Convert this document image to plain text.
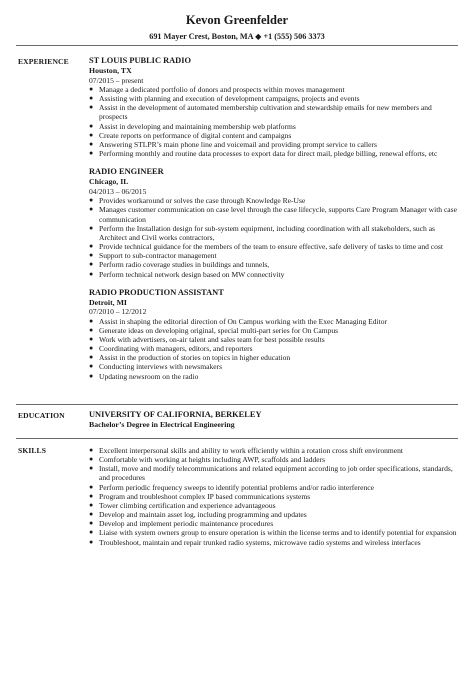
Kevon Greenfelder
691 Mayer Crest, Boston, MA ◆ +1 (555) 506 3373
EXPERIENCE ST LOUIS PUBLIC RADIO
Houston, TX
07/2015 – present
● Manage a dedicated portfolio of donors and prospects within moves management
● Assisting with planning and execution of development campaigns, projects and events
● Assist in the development of automated membership cultivation and stewardship emails for new members and prospects
● Assist in developing and maintaining membership web platforms
● Create reports on performance of digital content and campaigns
● Answering STLPR’s main phone line and voicemail and providing prompt service to callers
● Performing monthly and routine data processes to export data for direct mail, pledge billing, renewal efforts, etc
RADIO ENGINEER
Chicago, IL
04/2013 – 06/2015
● Provides workaround or solves the case through Knowledge Re-Use
● Manages customer communication on case level through the case lifecycle, supports Care Program Manager with case communication
● Perform the Installation design for sub-system equipment, including coordination with all stakeholders, such as Architect and Civil works contractors,
● Provide technical guidance for the members of the team to ensure effective, safe delivery of tasks to time and cost
● Support to sub-contractor management
● Perform radio coverage studies in buildings and tunnels,
● Perform technical network design based on MW connectivity
RADIO PRODUCTION ASSISTANT
Detroit, MI
07/2010 – 12/2012
● Assist in shaping the editorial direction of On Campus working with the Exec Managing Editor
● Generate ideas on developing original, special multi-part series for On Campus
● Work with advertisers, on-air talent and sales team for best possible results
● Coordinating with managers, editors, and reporters
● Assist in the production of stories on topics in higher education
● Conducting interviews with newsmakers
● Updating newsroom on the radio
EDUCATION	UNIVERSITY OF CALIFORNIA, BERKELEY
Bachelor’s Degree in Electrical Engineering
SKILLS	● Excellent interpersonal skills and ability to work efficiently within a rotation cross shift environment
● Comfortable with working at heights including AWP, scaffolds and ladders
● Install, move and modify telecommunications and related equipment according to job order specifications, standards, and procedures
● Perform periodic frequency sweeps to identify potential problems and/or radio interference
● Program and troubleshoot complex IP based communications systems
● Tower climbing certification and experience advantageous
● Develop and maintain asset log, including programming and updates
● Develop and implement periodic maintenance procedures
● Liaise with system owners group to ensure operation is within the license terms and to identify potential for expansion
● Troubleshoot, maintain and repair trunked radio systems, microwave radio systems and wireless interfaces
